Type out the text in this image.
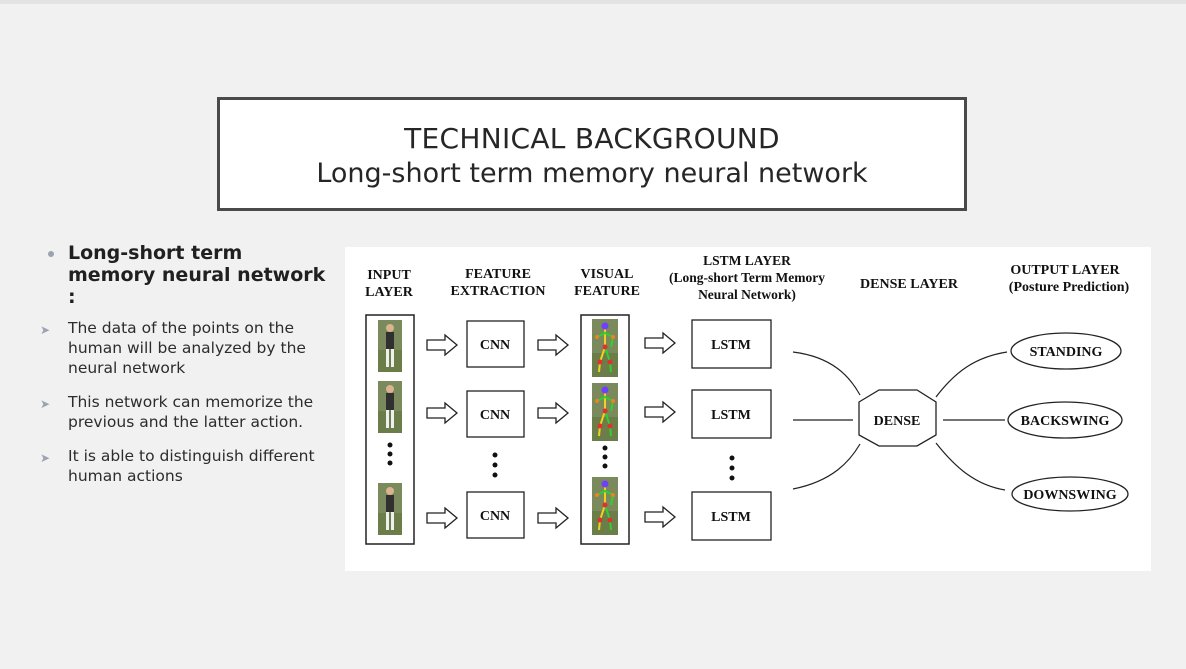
TECHNICAL BACKGROUND
Long-short term memory neural network
Long-short term memory neural network :
➤ The data of the points on the human will be analyzed by the neural network
➤ This network can memorize the previous and the latter action.
➤ It is able to distinguish different human actions
INPUT
LAYER
FEATURE
EXTRACTION
VISUAL
FEATURE
LSTM LAYER
(Long-short Term Memory
Neural Network)
DENSE LAYER
OUTPUT LAYER
(Posture Prediction)
CNN
CNN
CNN
LSTM
LSTM
LSTM
DENSE
STANDING
BACKSWING
DOWNSWING
